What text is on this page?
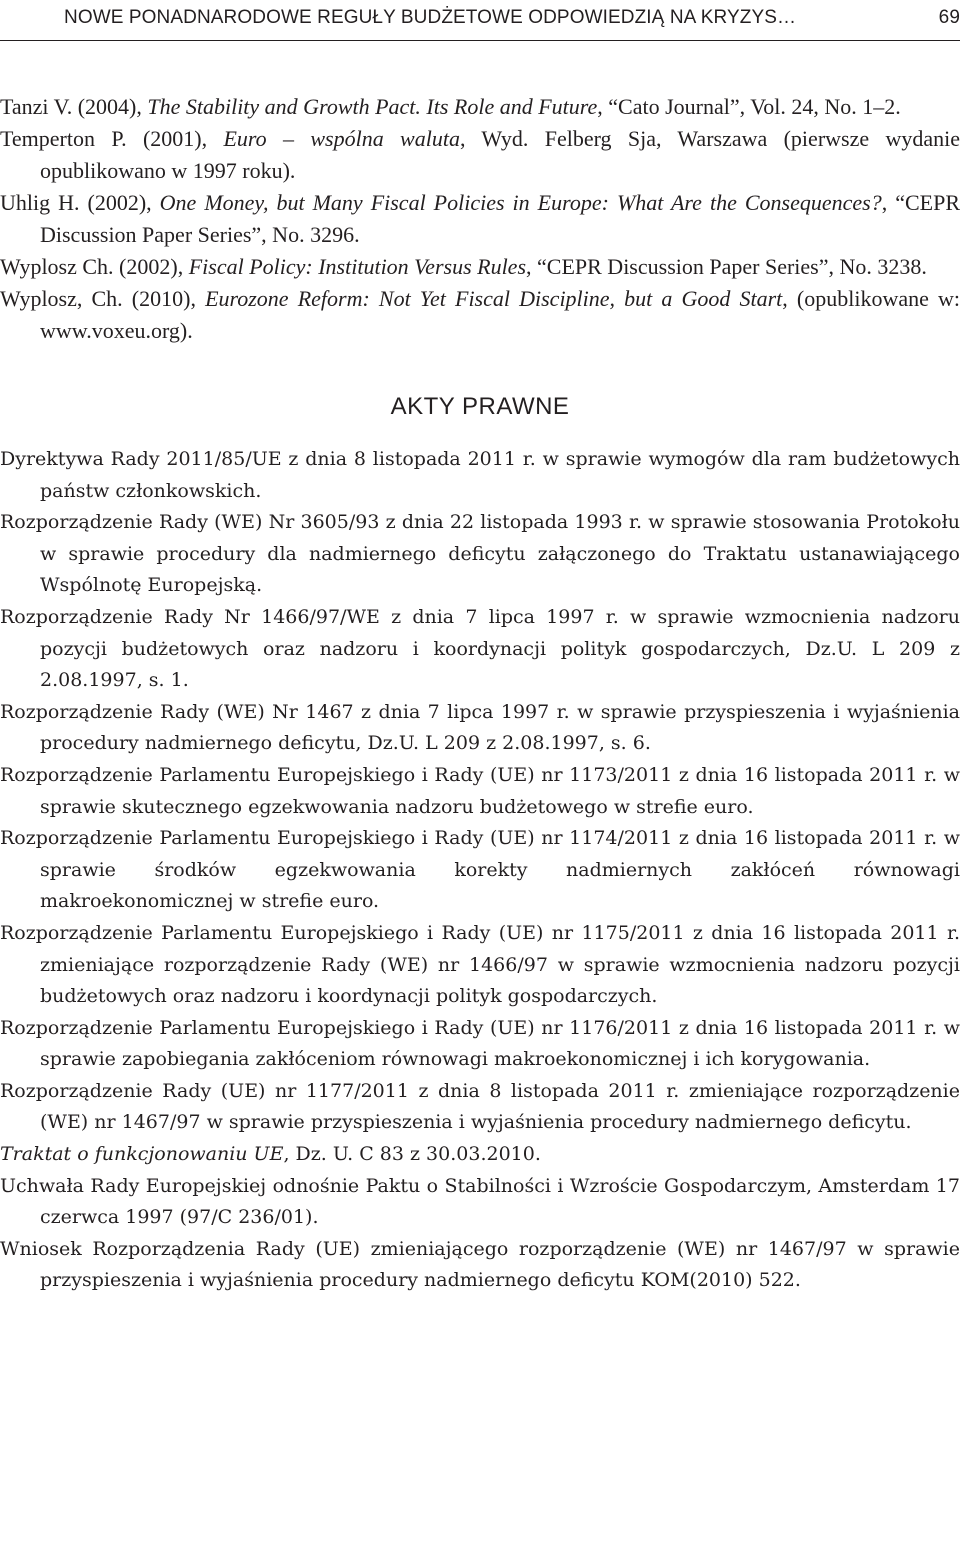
NOWE PONADNARODOWE REGUŁY BUDŻETOWE ODPOWIEDZIĄ NA KRYZYS…	69

Tanzi V. (2004), The Stability and Growth Pact. Its Role and Future, “Cato Journal”, Vol. 24, No. 1–2.

Temperton P. (2001), Euro – wspólna waluta, Wyd. Felberg Sja, Warszawa (pierwsze wydanie opublikowano w 1997 roku).

Uhlig H. (2002), One Money, but Many Fiscal Policies in Europe: What Are the Consequences?, “CEPR Discussion Paper Series”, No. 3296.

Wyplosz Ch. (2002), Fiscal Policy: Institution Versus Rules, “CEPR Discussion Paper Series”, No. 3238.

Wyplosz, Ch. (2010), Eurozone Reform: Not Yet Fiscal Discipline, but a Good Start, (opublikowane w: www.voxeu.org).

AKTY PRAWNE

Dyrektywa Rady 2011/85/UE z dnia 8 listopada 2011 r. w sprawie wymogów dla ram budżetowych państw członkowskich.

Rozporządzenie Rady (WE) Nr 3605/93 z dnia 22 listopada 1993 r. w sprawie stosowania Protokołu w sprawie procedury dla nadmiernego deficytu załączonego do Traktatu ustanawiającego Wspólnotę Europejską.

Rozporządzenie Rady Nr 1466/97/WE z dnia 7 lipca 1997 r. w sprawie wzmocnienia nadzoru pozycji budżetowych oraz nadzoru i koordynacji polityk gospodarczych, Dz.U. L 209 z 2.08.1997, s. 1.

Rozporządzenie Rady (WE) Nr 1467 z dnia 7 lipca 1997 r. w sprawie przyspieszenia i wyjaśnienia procedury nadmiernego deficytu, Dz.U. L 209 z 2.08.1997, s. 6.

Rozporządzenie Parlamentu Europejskiego i Rady (UE) nr 1173/2011 z dnia 16 listopada 2011 r. w sprawie skutecznego egzekwowania nadzoru budżetowego w strefie euro.

Rozporządzenie Parlamentu Europejskiego i Rady (UE) nr 1174/2011 z dnia 16 listopada 2011 r. w sprawie środków egzekwowania korekty nadmiernych zakłóceń równowagi makroekonomicznej w strefie euro.

Rozporządzenie Parlamentu Europejskiego i Rady (UE) nr 1175/2011 z dnia 16 listopada 2011 r. zmieniające rozporządzenie Rady (WE) nr 1466/97 w sprawie wzmocnienia nadzoru pozycji budżetowych oraz nadzoru i koordynacji polityk gospodarczych.

Rozporządzenie Parlamentu Europejskiego i Rady (UE) nr 1176/2011 z dnia 16 listopada 2011 r. w sprawie zapobiegania zakłóceniom równowagi makroekonomicznej i ich korygowania.

Rozporządzenie Rady (UE) nr 1177/2011 z dnia 8 listopada 2011 r. zmieniające rozporządzenie (WE) nr 1467/97 w sprawie przyspieszenia i wyjaśnienia procedury nadmiernego deficytu.

Traktat o funkcjonowaniu UE, Dz. U. C 83 z 30.03.2010.

Uchwała Rady Europejskiej odnośnie Paktu o Stabilności i Wzroście Gospodarczym, Amsterdam 17 czerwca 1997 (97/C 236/01).

Wniosek Rozporządzenia Rady (UE) zmieniającego rozporządzenie (WE) nr 1467/97 w sprawie przyspieszenia i wyjaśnienia procedury nadmiernego deficytu KOM(2010) 522.
